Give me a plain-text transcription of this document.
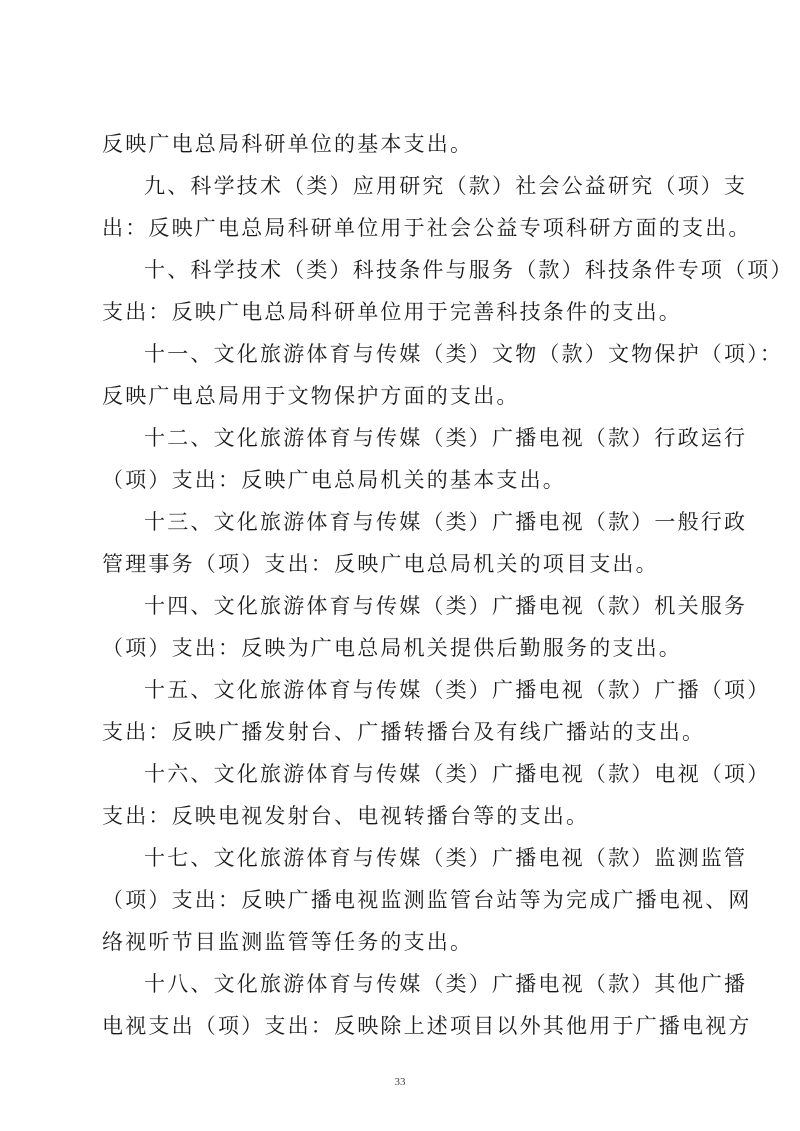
反映广电总局科研单位的基本支出。
九、科学技术（类）应用研究（款）社会公益研究（项）支
出：反映广电总局科研单位用于社会公益专项科研方面的支出。
十、科学技术（类）科技条件与服务（款）科技条件专项（项）
支出：反映广电总局科研单位用于完善科技条件的支出。
十一、文化旅游体育与传媒（类）文物（款）文物保护（项）：
反映广电总局用于文物保护方面的支出。
十二、文化旅游体育与传媒（类）广播电视（款）行政运行
（项）支出：反映广电总局机关的基本支出。
十三、文化旅游体育与传媒（类）广播电视（款）一般行政
管理事务（项）支出：反映广电总局机关的项目支出。
十四、文化旅游体育与传媒（类）广播电视（款）机关服务
（项）支出：反映为广电总局机关提供后勤服务的支出。
十五、文化旅游体育与传媒（类）广播电视（款）广播（项）
支出：反映广播发射台、广播转播台及有线广播站的支出。
十六、文化旅游体育与传媒（类）广播电视（款）电视（项）
支出：反映电视发射台、电视转播台等的支出。
十七、文化旅游体育与传媒（类）广播电视（款）监测监管
（项）支出：反映广播电视监测监管台站等为完成广播电视、网
络视听节目监测监管等任务的支出。
十八、文化旅游体育与传媒（类）广播电视（款）其他广播
电视支出（项）支出：反映除上述项目以外其他用于广播电视方
33
